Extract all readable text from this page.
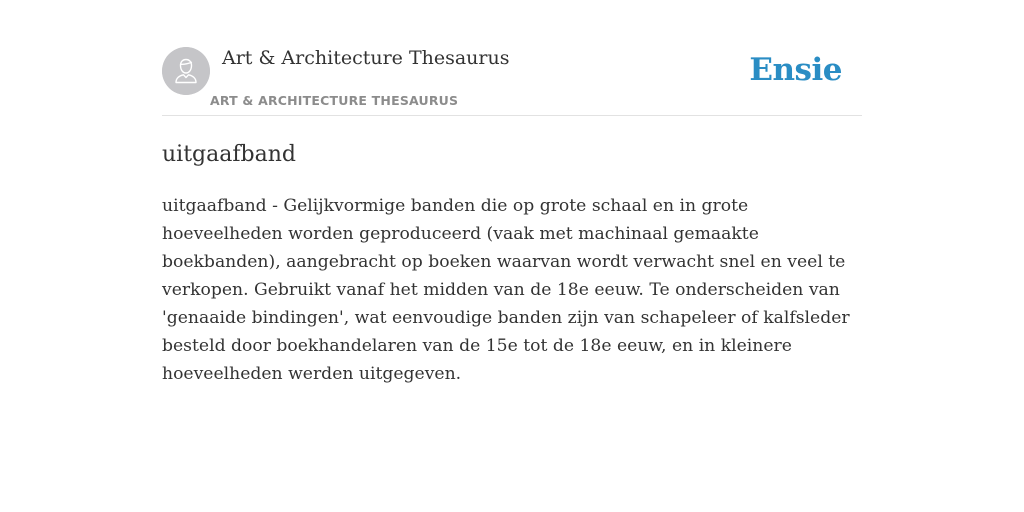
Art & Architecture Thesaurus
ART & ARCHITECTURE THESAURUS
Ensie
uitgaafband

uitgaafband - Gelijkvormige banden die op grote schaal en in grote hoeveelheden worden geproduceerd (vaak met machinaal gemaakte boekbanden), aangebracht op boeken waarvan wordt verwacht snel en veel te verkopen. Gebruikt vanaf het midden van de 18e eeuw. Te onderscheiden van 'genaaide bindingen', wat eenvoudige banden zijn van schapeleer of kalfsleder besteld door boekhandelaren van de 15e tot de 18e eeuw, en in kleinere hoeveelheden werden uitgegeven.
